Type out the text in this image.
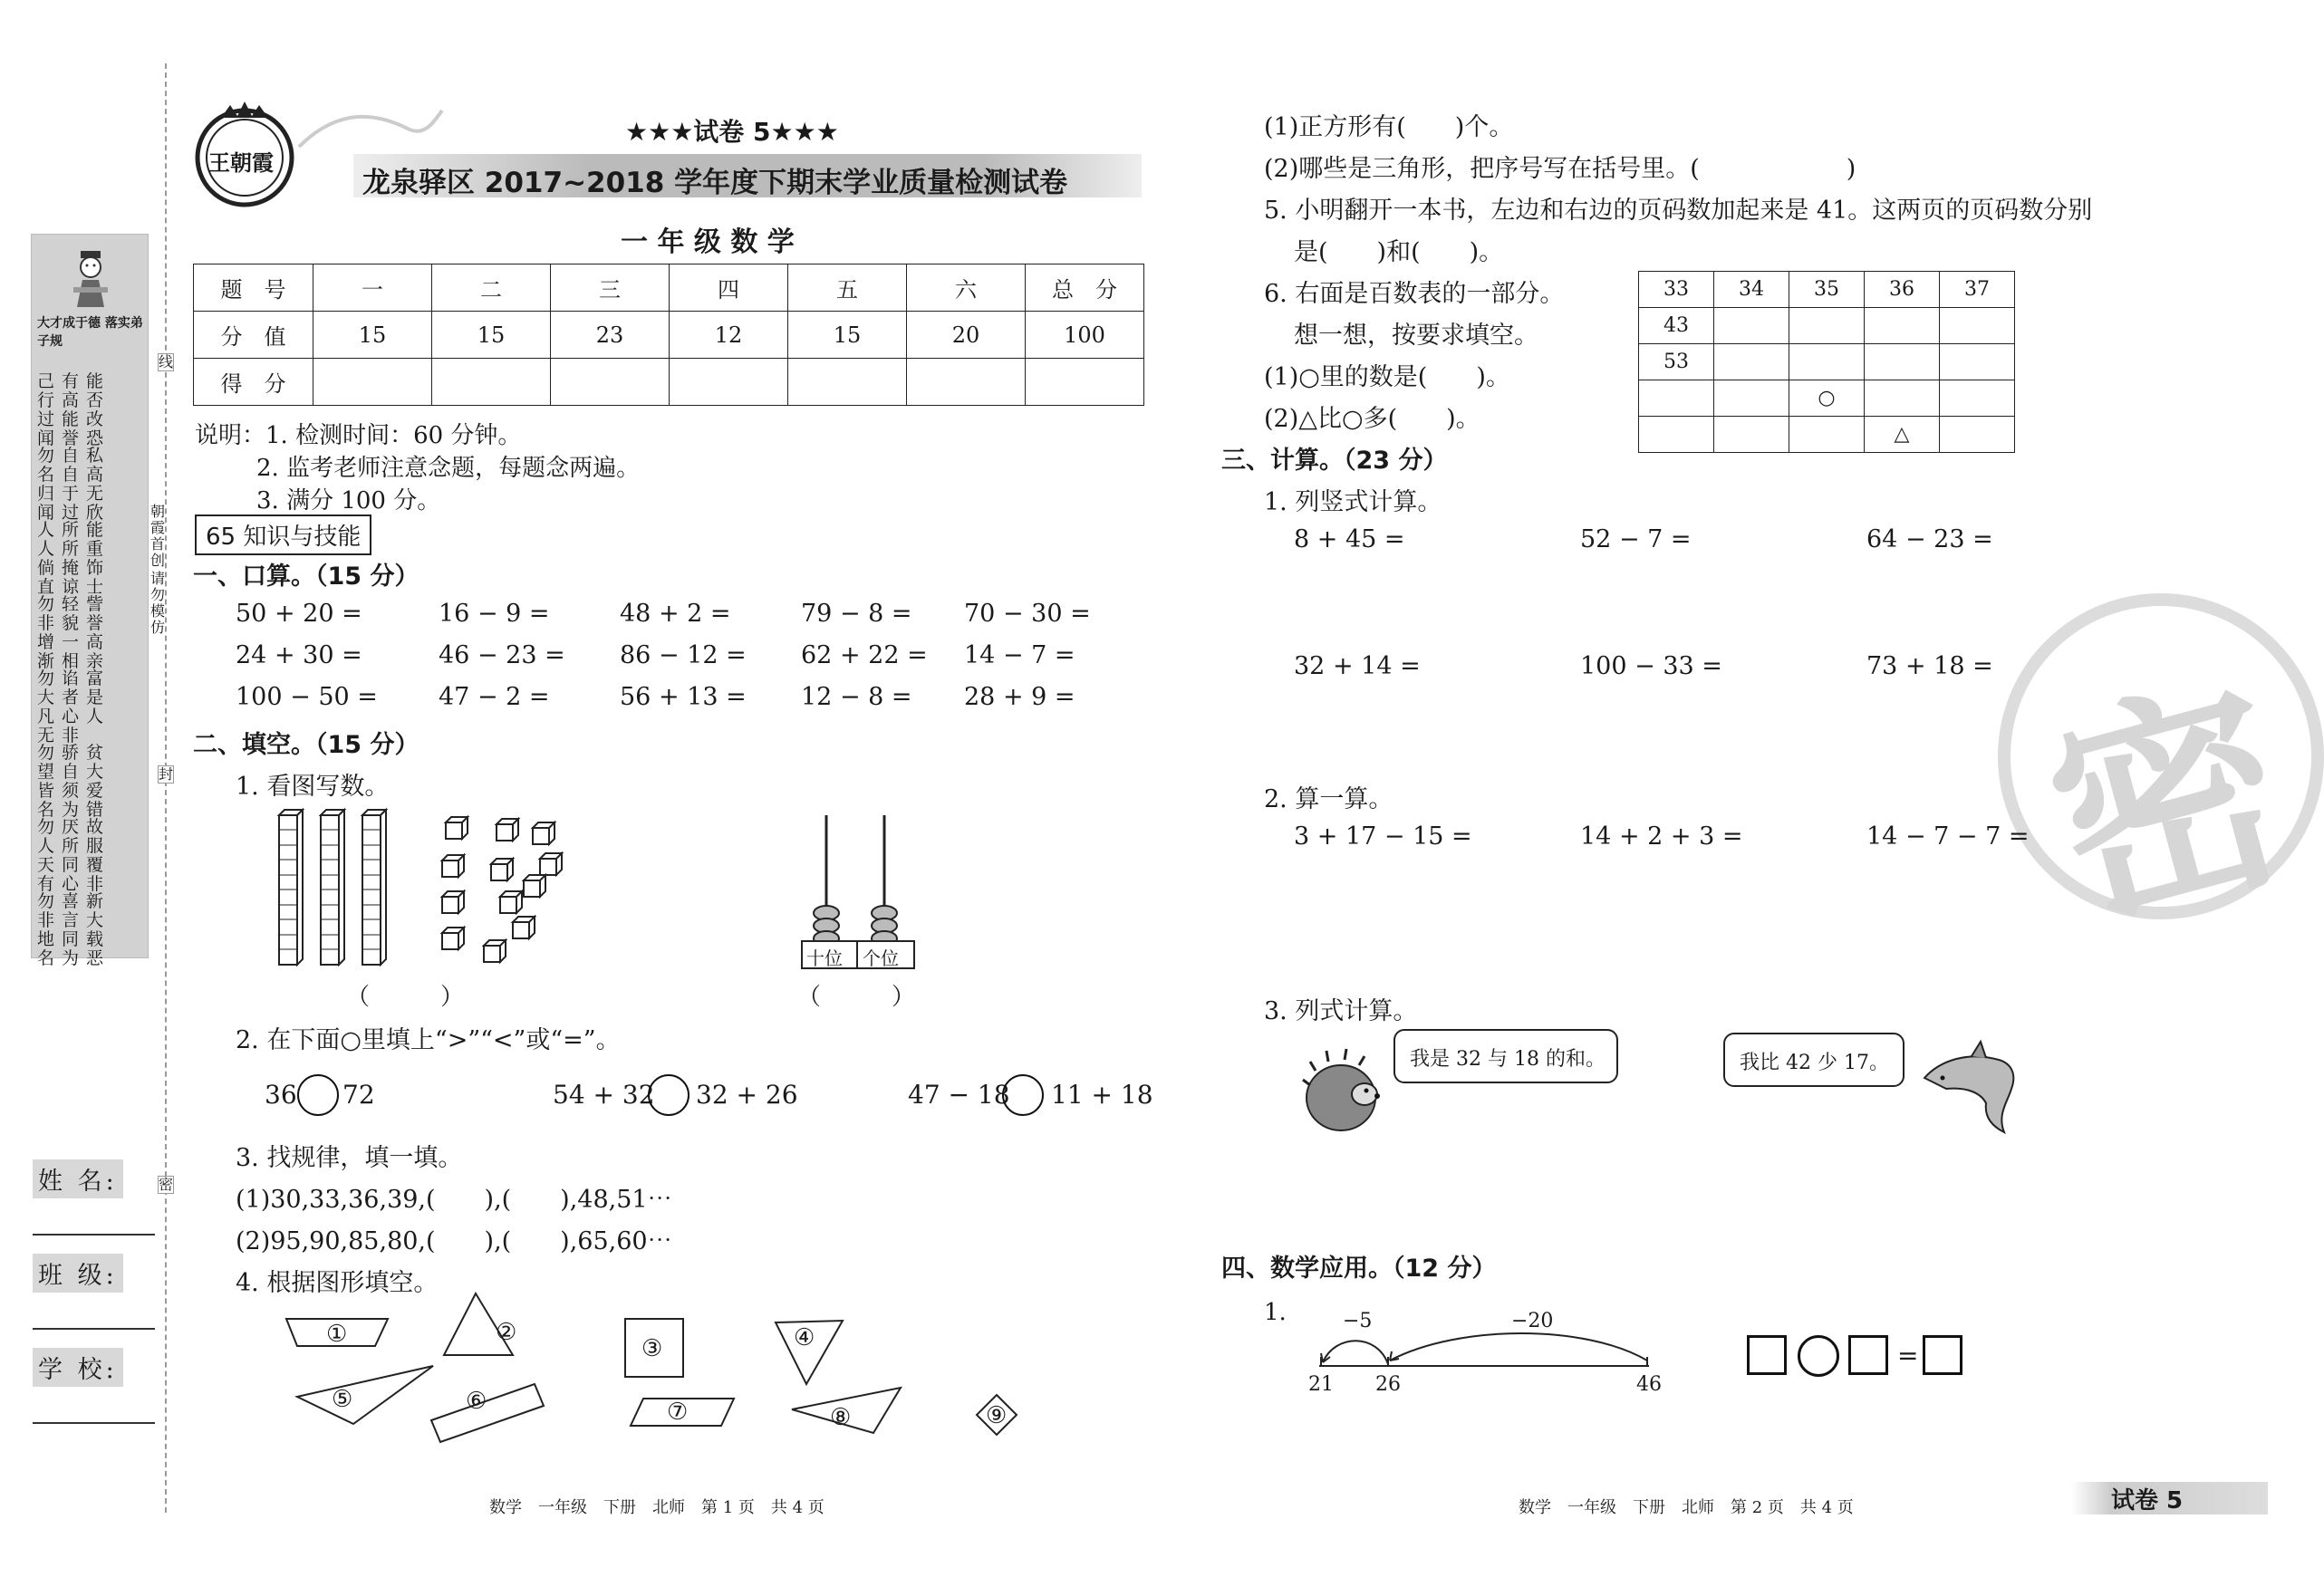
大才成于德 落实弟子规
己有能 行高否 过能改 闻誉恐
勿自私 名自高 归于无 闻过欣
人所能 人所重 倘掩饰 直谅士
勿轻訾 非貌誉 增一高 渐相亲
勿谄富 大者是 凡心人 无非
勿骄贫 望自大 皆须爱 名为错
勿厌故 人所服 天同覆 有心非
勿喜新 非言大 地同载 名为恶
朝霞首创
请勿模仿
线
封
密
姓 名:
班 级:
学 校:
王朝霞
★★★试卷 5★★★
龙泉驿区 2017~2018 学年度下期末学业质量检测试卷
一 年 级 数 学
题　号	一	二	三	四	五	六	总　分
分　值	15	15	23	12	15	20	100
得　分							
说明：1. 检测时间：60 分钟。
2. 监考老师注意念题，每题念两遍。
3. 满分 100 分。
65 知识与技能
一、口算。（15 分）
50 + 20 =	16 − 9 =	48 + 2 =	79 − 8 = 70 − 30 =
24 + 30 =	46 − 23 = 86 − 12 = 62 + 22 = 14 − 7 =
100 − 50 = 47 − 2 =	56 + 13 = 12 − 8 = 28 + 9 =
二、填空。（15 分）
1. 看图写数。
（　　　）
十位 个位
（　　　）
2. 在下面○里填上“>”“<”或“=”。
36 72	54 + 32 32 + 26	47 − 18 11 + 18
3. 找规律，填一填。
(1)30,33,36,39,(　　),(　　),48,51⋯
(2)95,90,85,80,(　　),(　　),65,60⋯
4. 根据图形填空。
①	②
③	④
⑤	⑥	⑦	⑧	⑨
数学　一年级　下册　北师　第 1 页　共 4 页
密
(1)正方形有(　　)个。
(2)哪些是三角形，把序号写在括号里。(　　　　　　)
5. 小明翻开一本书，左边和右边的页码数加起来是 41。这两页的页码数分别
是(　　)和(　　)。
6. 右面是百数表的一部分。
想一想，按要求填空。
(1)○里的数是(　　)。
(2)△比○多(　　)。
33	34	35	36	37
43				
53				
		○		
			△	
三、计算。（23 分）
1. 列竖式计算。
8 + 45 =	52 − 7 =	64 − 23 =
32 + 14 =	100 − 33 =	73 + 18 =
2. 算一算。
3 + 17 − 15 =	14 + 2 + 3 =	14 − 7 − 7 =
3. 列式计算。
我是 32 与 18 的和。	我比 42 少 17。
四、数学应用。（12 分）
1.	−5	−20
21 26	46
=
数学　一年级　下册　北师　第 2 页　共 4 页	试卷 5
